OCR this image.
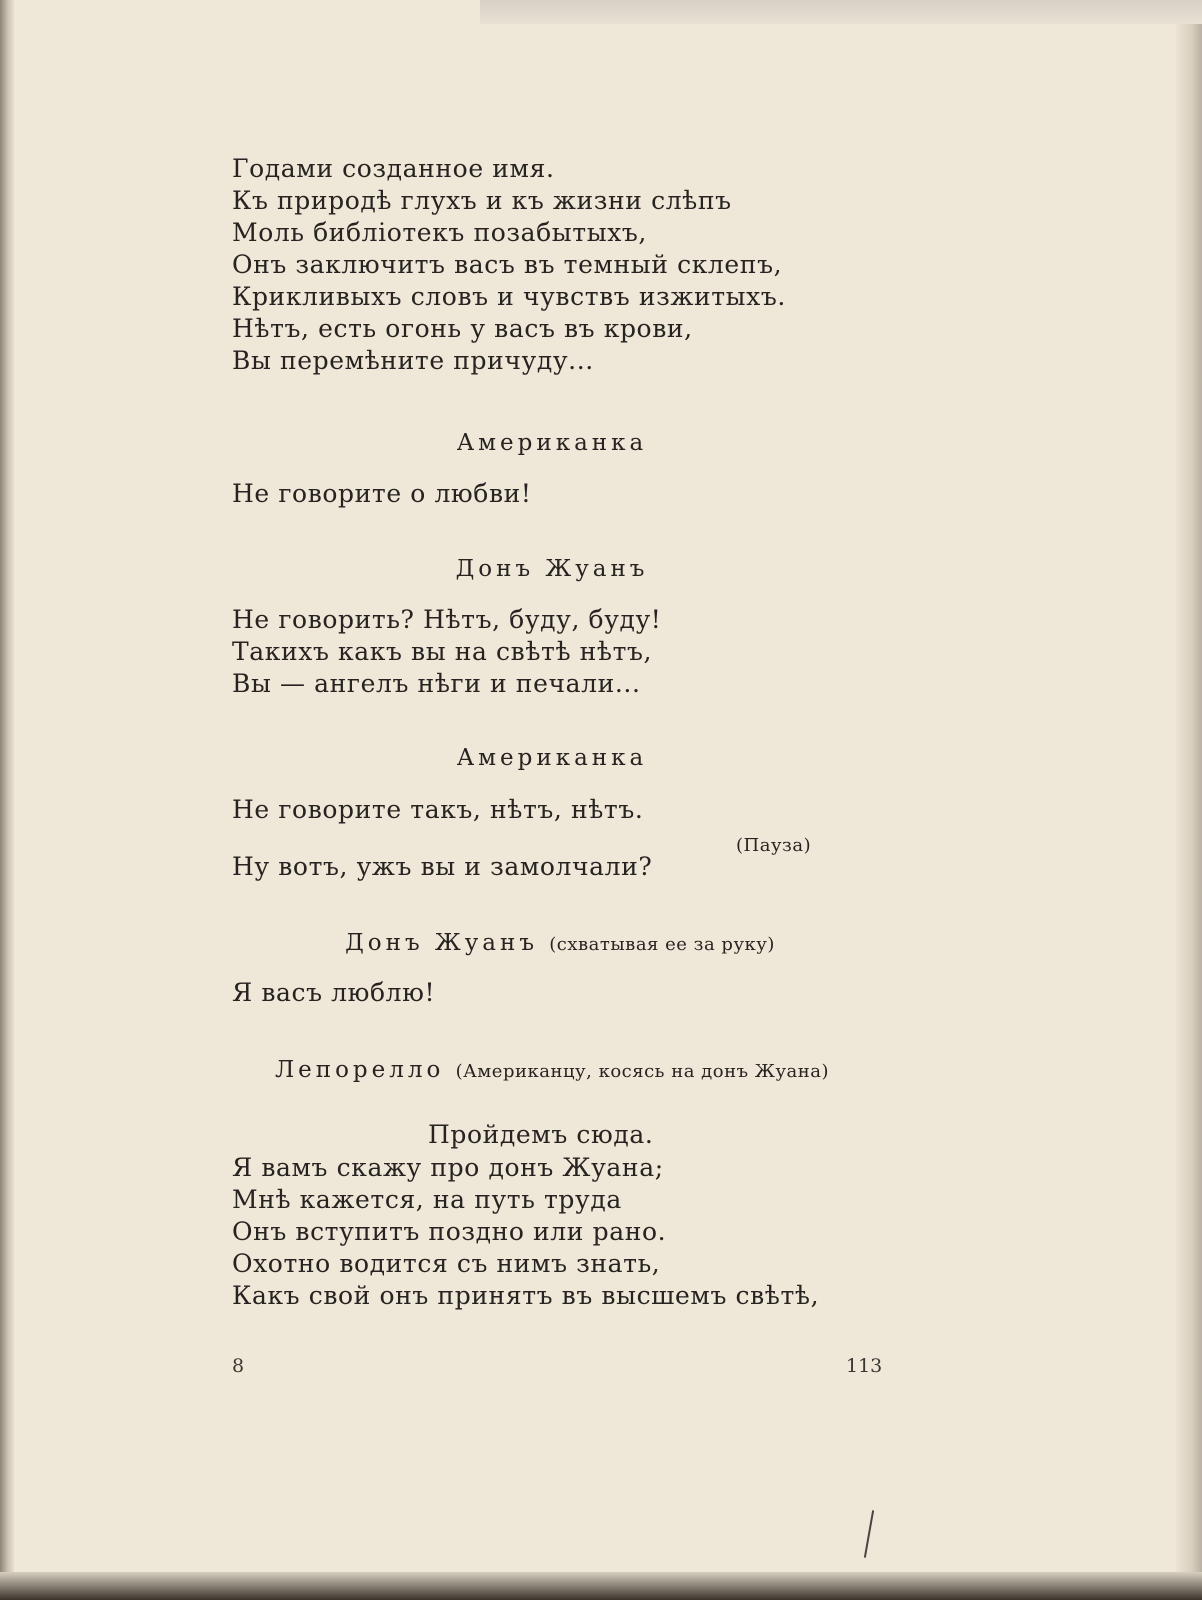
Годами созданное имя.
Къ природѣ глухъ и къ жизни слѣпъ
Моль библіотекъ позабытыхъ,
Онъ заключитъ васъ въ темный склепъ,
Крикливыхъ словъ и чувствъ изжитыхъ.
Нѣтъ, есть огонь у васъ въ крови,
Вы перемѣните причуду...
Американка
Не говорите о любви!
Донъ Жуанъ
Не говорить? Нѣтъ, буду, буду!
Такихъ какъ вы на свѣтѣ нѣтъ,
Вы — ангелъ нѣги и печали...
Американка
Не говорите такъ, нѣтъ, нѣтъ.
(Пауза)
Ну вотъ, ужъ вы и замолчали?
Донъ Жуанъ (схватывая ее за руку)
Я васъ люблю!
Лепорелло (Американцу, косясь на донъ Жуана)
Пройдемъ сюда.
Я вамъ скажу про донъ Жуана;
Мнѣ кажется, на путь труда
Онъ вступитъ поздно или рано.
Охотно водится съ нимъ знать,
Какъ свой онъ принятъ въ высшемъ свѣтѣ,
8	113
